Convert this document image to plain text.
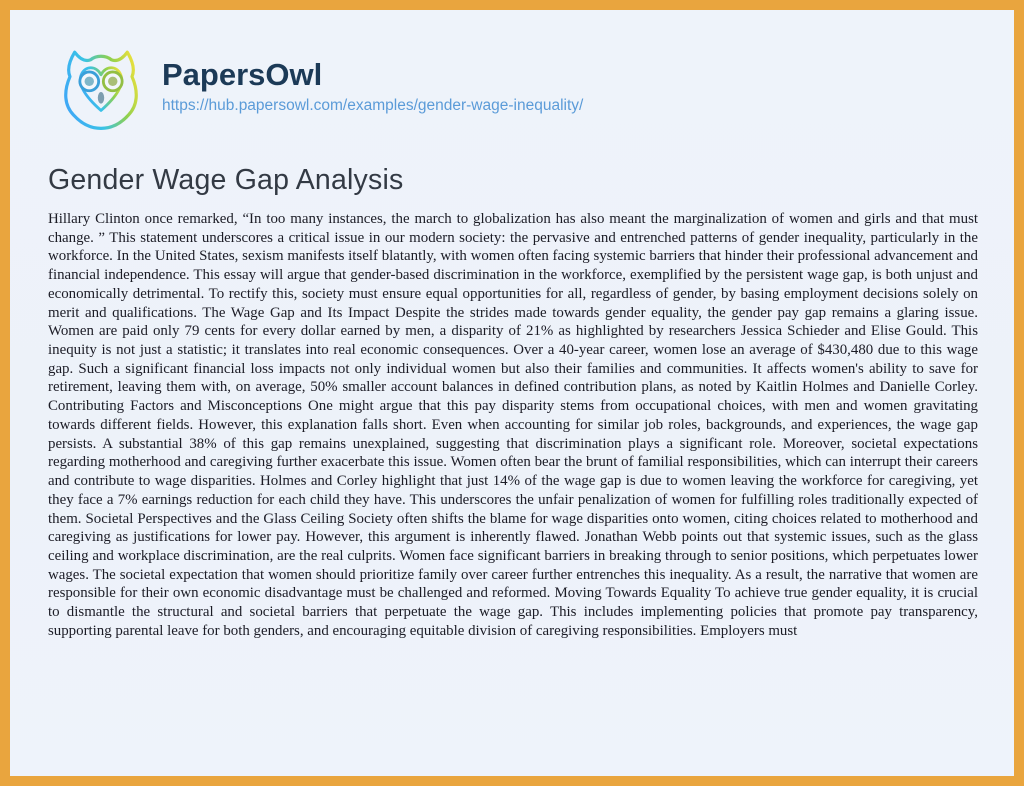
PapersOwl
https://hub.papersowl.com/examples/gender-wage-inequality/
Gender Wage Gap Analysis

Hillary Clinton once remarked, “In too many instances, the march to globalization has also meant the marginalization of women and girls and that must change. ” This statement underscores a critical issue in our modern society: the pervasive and entrenched patterns of gender inequality, particularly in the workforce. In the United States, sexism manifests itself blatantly, with women often facing systemic barriers that hinder their professional advancement and financial independence. This essay will argue that gender-based discrimination in the workforce, exemplified by the persistent wage gap, is both unjust and economically detrimental. To rectify this, society must ensure equal opportunities for all, regardless of gender, by basing employment decisions solely on merit and qualifications. The Wage Gap and Its Impact Despite the strides made towards gender equality, the gender pay gap remains a glaring issue. Women are paid only 79 cents for every dollar earned by men, a disparity of 21% as highlighted by researchers Jessica Schieder and Elise Gould. This inequity is not just a statistic; it translates into real economic consequences. Over a 40-year career, women lose an average of $430,480 due to this wage gap. Such a significant financial loss impacts not only individual women but also their families and communities. It affects women's ability to save for retirement, leaving them with, on average, 50% smaller account balances in defined contribution plans, as noted by Kaitlin Holmes and Danielle Corley. Contributing Factors and Misconceptions One might argue that this pay disparity stems from occupational choices, with men and women gravitating towards different fields. However, this explanation falls short. Even when accounting for similar job roles, backgrounds, and experiences, the wage gap persists. A substantial 38% of this gap remains unexplained, suggesting that discrimination plays a significant role. Moreover, societal expectations regarding motherhood and caregiving further exacerbate this issue. Women often bear the brunt of familial responsibilities, which can interrupt their careers and contribute to wage disparities. Holmes and Corley highlight that just 14% of the wage gap is due to women leaving the workforce for caregiving, yet they face a 7% earnings reduction for each child they have. This underscores the unfair penalization of women for fulfilling roles traditionally expected of them. Societal Perspectives and the Glass Ceiling Society often shifts the blame for wage disparities onto women, citing choices related to motherhood and caregiving as justifications for lower pay. However, this argument is inherently flawed. Jonathan Webb points out that systemic issues, such as the glass ceiling and workplace discrimination, are the real culprits. Women face significant barriers in breaking through to senior positions, which perpetuates lower wages. The societal expectation that women should prioritize family over career further entrenches this inequality. As a result, the narrative that women are responsible for their own economic disadvantage must be challenged and reformed. Moving Towards Equality To achieve true gender equality, it is crucial to dismantle the structural and societal barriers that perpetuate the wage gap. This includes implementing policies that promote pay transparency, supporting parental leave for both genders, and encouraging equitable division of caregiving responsibilities. Employers must
